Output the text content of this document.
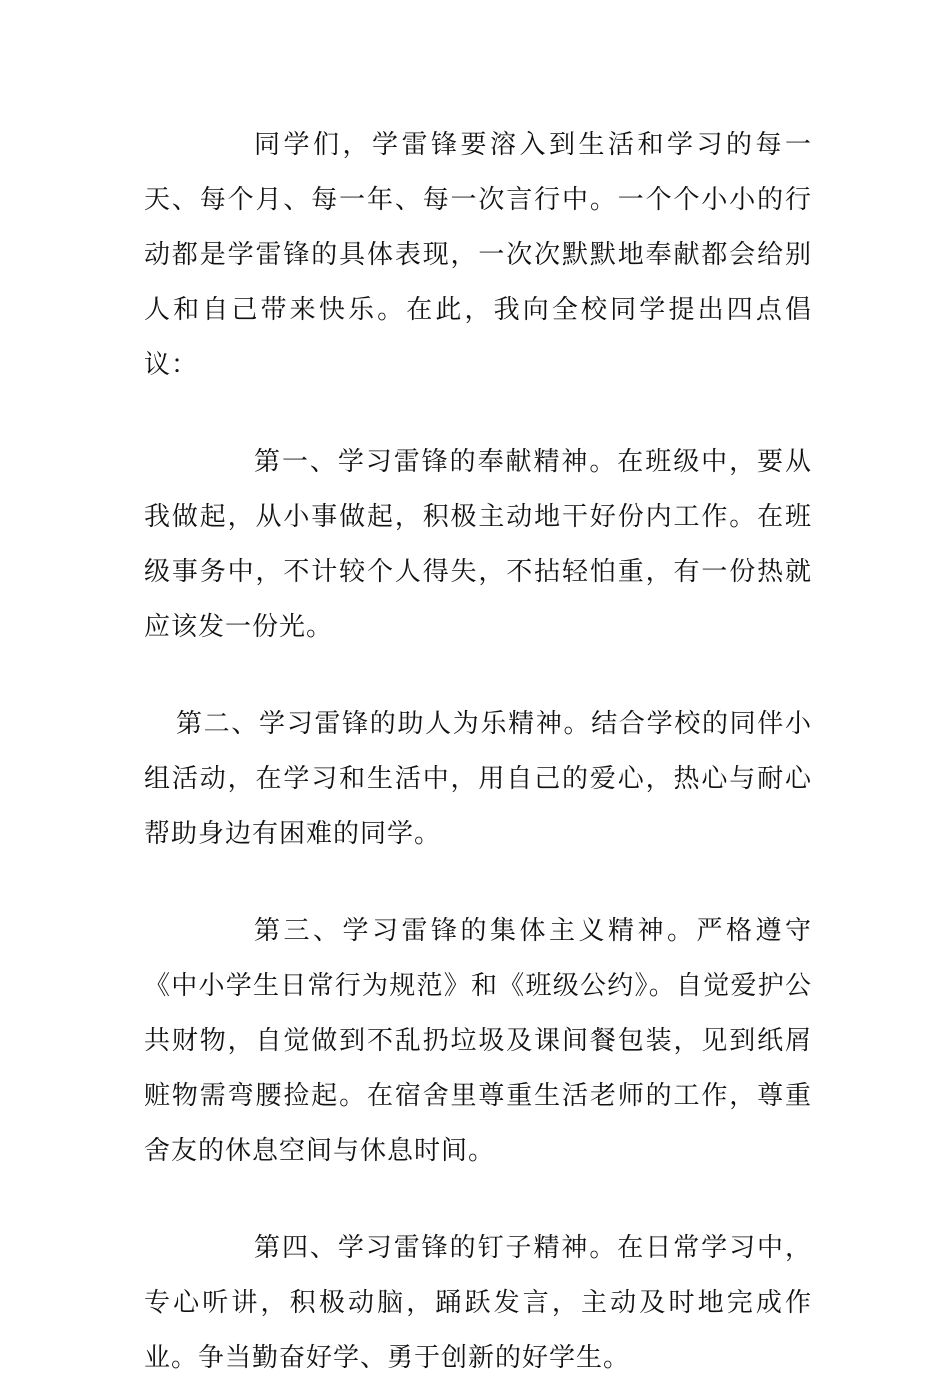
同学们，学雷锋要溶入到生活和学习的每一天、每个月、每一年、每一次言行中。一个个小小的行动都是学雷锋的具体表现，一次次默默地奉献都会给别人和自己带来快乐。在此，我向全校同学提出四点倡议：

第一、学习雷锋的奉献精神。在班级中，要从我做起，从小事做起，积极主动地干好份内工作。在班级事务中，不计较个人得失，不拈轻怕重，有一份热就应该发一份光。

第二、学习雷锋的助人为乐精神。结合学校的同伴小组活动，在学习和生活中，用自己的爱心，热心与耐心帮助身边有困难的同学。

第三、学习雷锋的集体主义精神。严格遵守《中小学生日常行为规范》和《班级公约》。自觉爱护公共财物，自觉做到不乱扔垃圾及课间餐包装，见到纸屑赃物需弯腰捡起。在宿舍里尊重生活老师的工作，尊重舍友的休息空间与休息时间。

第四、学习雷锋的钉子精神。在日常学习中，专心听讲，积极动脑，踊跃发言，主动及时地完成作业。争当勤奋好学、勇于创新的好学生。
